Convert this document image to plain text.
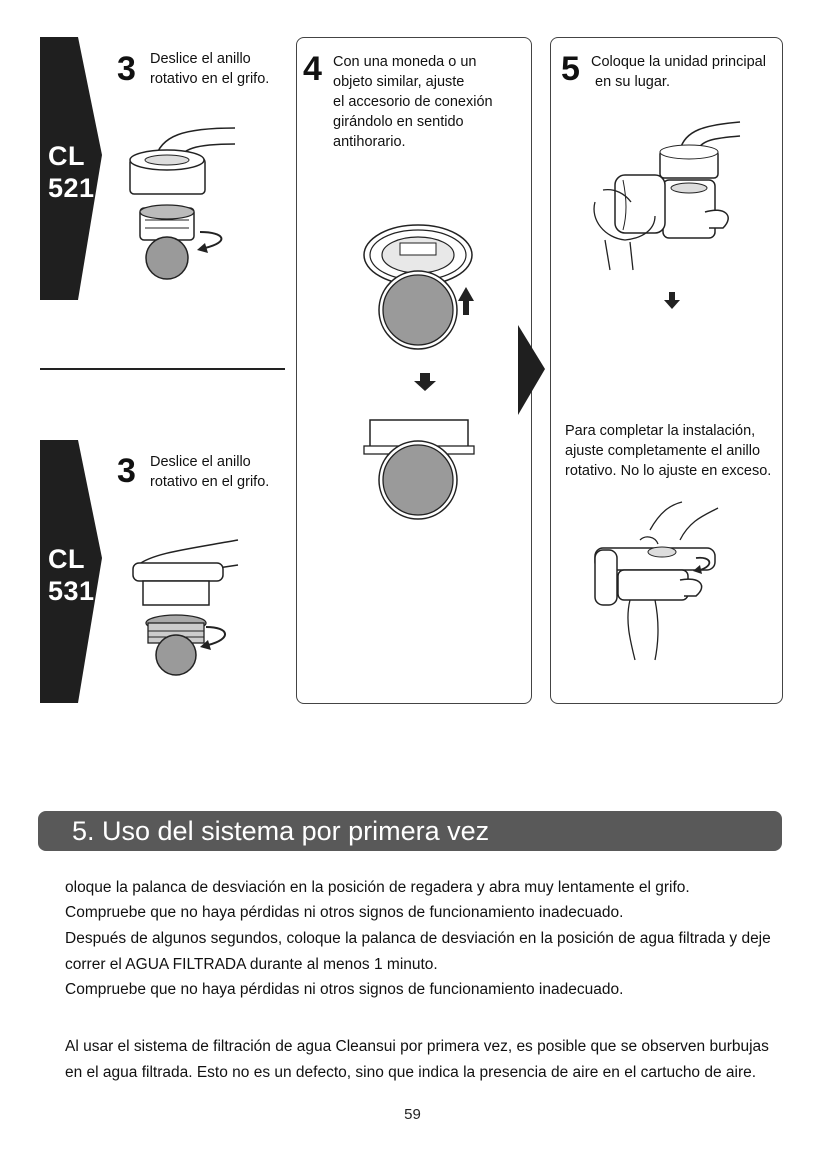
CL
521
3 Deslice el anillo
rotativo en el grifo.
CL
531
3 Deslice el anillo
rotativo en el grifo.
4 Con una moneda o un
objeto similar, ajuste
el accesorio de conexión
girándolo en sentido
antihorario.
5 Coloque la unidad principal
en su lugar.
Para completar la instalación,
ajuste completamente el anillo
rotativo. No lo ajuste en exceso.
5. Uso del sistema por primera vez
oloque la palanca de desviación en la posición de regadera y abra muy lentamente el grifo.
Compruebe que no haya pérdidas ni otros signos de funcionamiento inadecuado.
Después de algunos segundos, coloque la palanca de desviación en la posición de agua filtrada y deje correr el AGUA FILTRADA durante al menos 1 minuto.
Compruebe que no haya pérdidas ni otros signos de funcionamiento inadecuado.
Al usar el sistema de filtración de agua Cleansui por primera vez, es posible que se observen burbujas en el agua filtrada. Esto no es un defecto, sino que indica la presencia de aire en el cartucho de aire.
59
